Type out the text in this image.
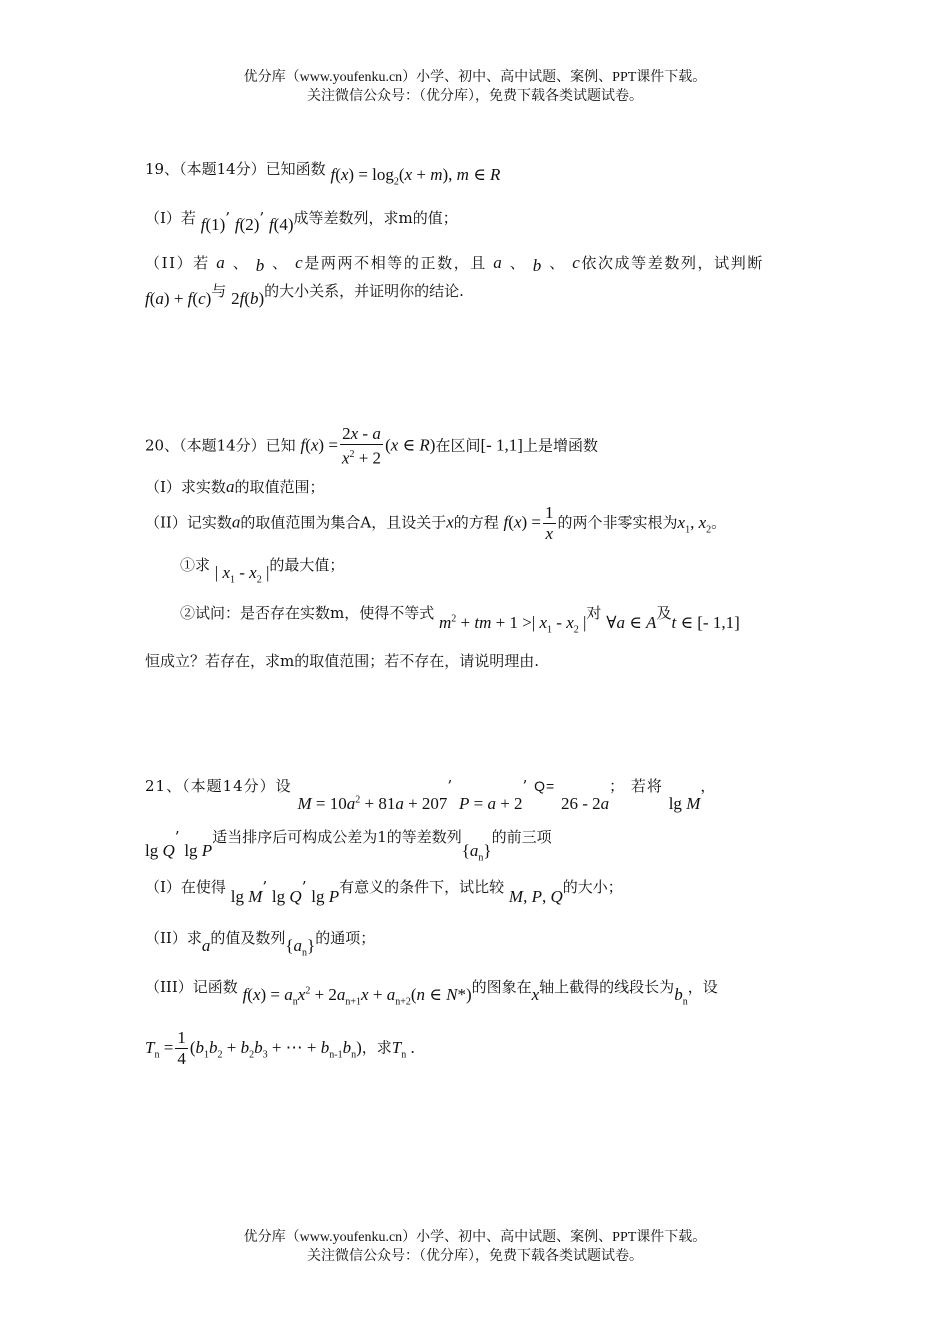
优分库（www.youfenku.cn）小学、初中、高中试题、案例、PPT课件下载。
关注微信公众号：（优分库），免费下载各类试题试卷。
19、（本题14分）已知函数 $f(x) = \log_2(x + m)$, m ∈ R
（I）若 f(1)’ f(2)’ f(4)成等差数列，求m的值；
（II）若 a 、 b 、 c是两两不相等的正数，且 a 、 b 、 c依次成等差数列，试判断
f(a) + f(c)与 2f(b)的大小关系，并证明你的结论.
20、（本题14分）已知 $f(x) = \frac{2x - a}{x^2 + 2} (x$ ∈ R)在区间[- 1,1]上是增函数
（I）求实数a的取值范围；
（II）记实数a的取值范围为集合A，且设关于x的方程 $f(x) = \frac{1}{x}$ 的两个非零实根为$x_1$, $x_2$。
①求 | $x_1 - x_2$ |的最大值；
②试问：是否存在实数m，使得不等式 $m^2$ + tm + 1 >| $x_1 - x_2$ |对 ∀a ∈ A及t ∈ [- 1,1]
恒成立？若存在，求m的取值范围；若不存在，请说明理由.
21、（本题14分）设 $M = 10a^2 + 81a + 207$’ P = a + 2’ Q= 26 - 2a； 若将 lg M，
lg Q’ lg P适当排序后可构成公差为1的等差数列$\{a_n\}$的前三项
（I）在使得 lg M’ lg Q’ lg P有意义的条件下，试比较 M, P, Q的大小；
（II）求a的值及数列$\{a_n\}$的通项；
（III）记函数 $f(x) = a_nx^2 + 2a_{n+1}x + a_{n+2}(n$ ∈ N*)的图象在x轴上截得的线段长为$b_n$，设
$T_n = \frac{1}{4} (b_1b_2 + b_2b_3$ + ⋯ + $b_{n-1}b_n$)，求$T_n$ .
优分库（www.youfenku.cn）小学、初中、高中试题、案例、PPT课件下载。
关注微信公众号：（优分库），免费下载各类试题试卷。
